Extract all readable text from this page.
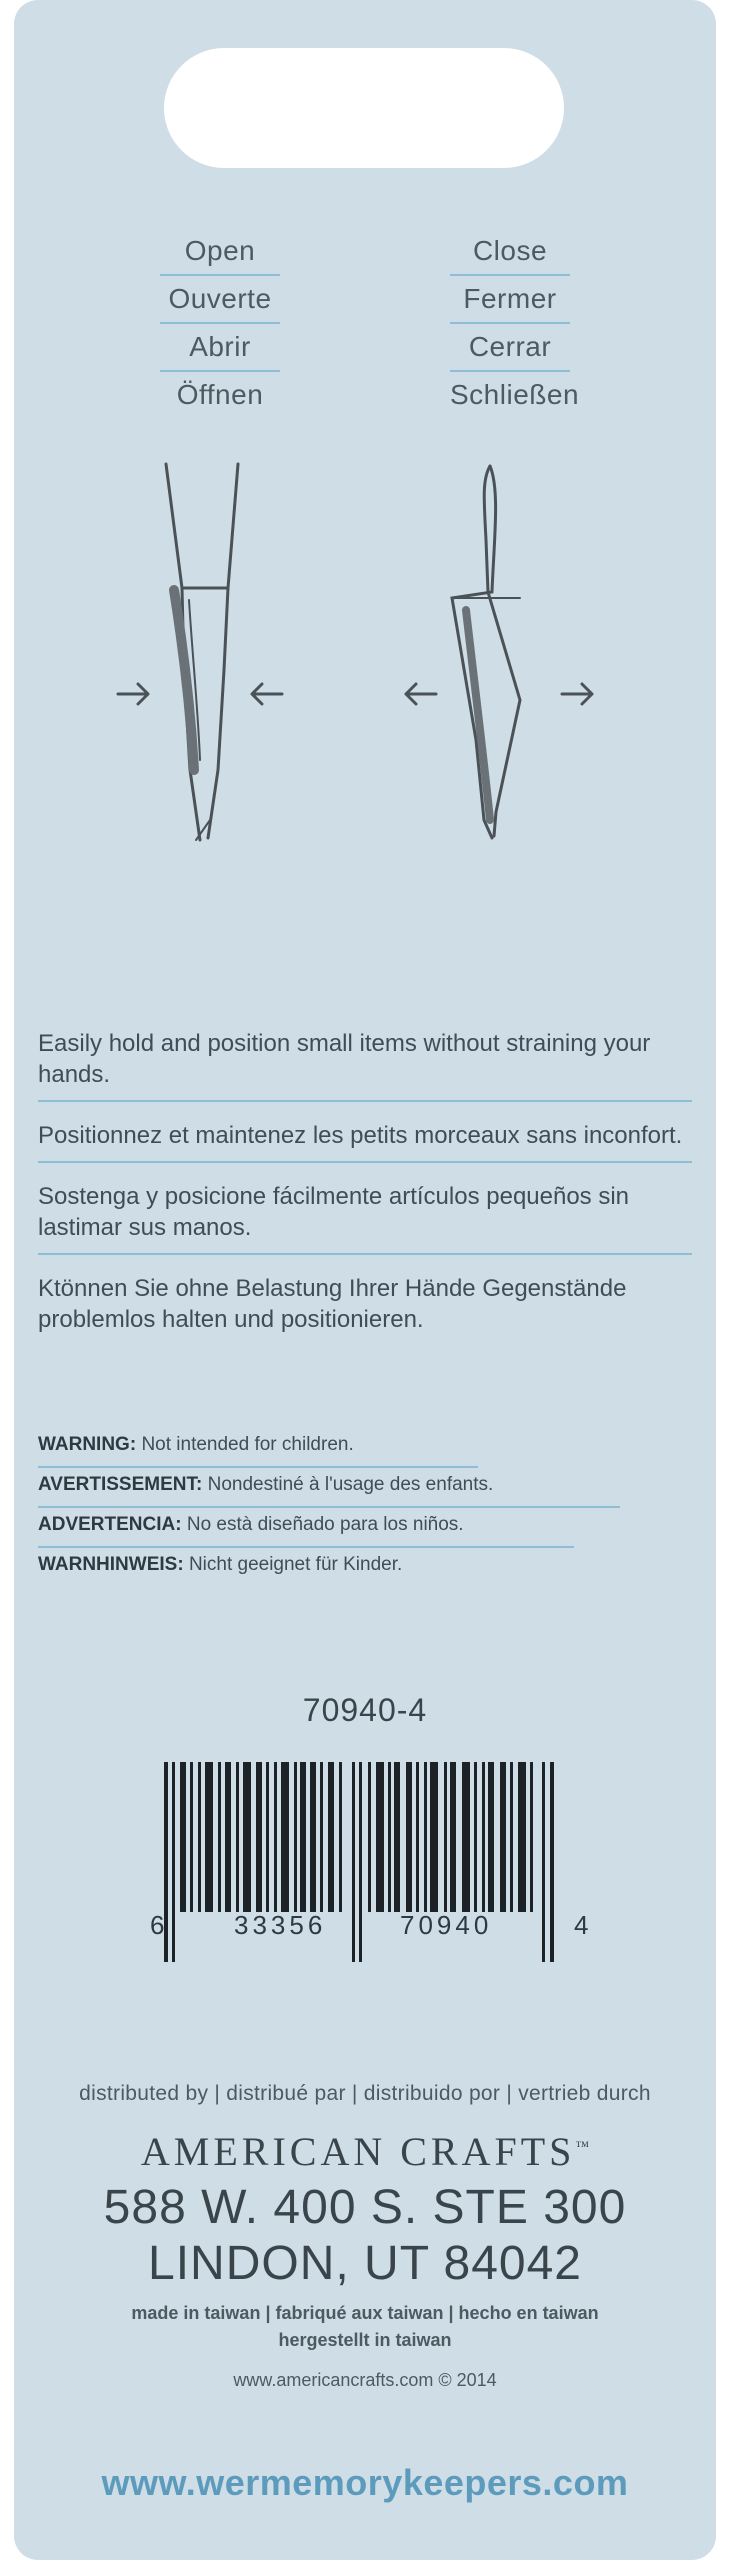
Open
Ouverte
Abrir
Öffnen
Close
Fermer
Cerrar
Schließen

Easily hold and position small items without straining your hands.

Positionnez et maintenez les petits morceaux sans inconfort.

Sostenga y posicione fácilmente artículos pequeños sin lastimar sus manos.

Ktönnen Sie ohne Belastung Ihrer Hände Gegenstände problemlos halten und positionieren.

WARNING: Not intended for children.
AVERTISSEMENT: Nondestiné à l'usage des enfants.
ADVERTENCIA: No està diseñado para los niños.
WARNHINWEIS: Nicht geeignet für Kinder.
70940-4
6	33356	70940	4
distributed by | distribué par | distribuido por | vertrieb durch
AMERICAN CRAFTS™
588 W. 400 S. STE 300
LINDON, UT 84042
made in taiwan | fabriqué aux taiwan | hecho en taiwan
hergestellt in taiwan
www.americancrafts.com © 2014
www.wermemorykeepers.com
